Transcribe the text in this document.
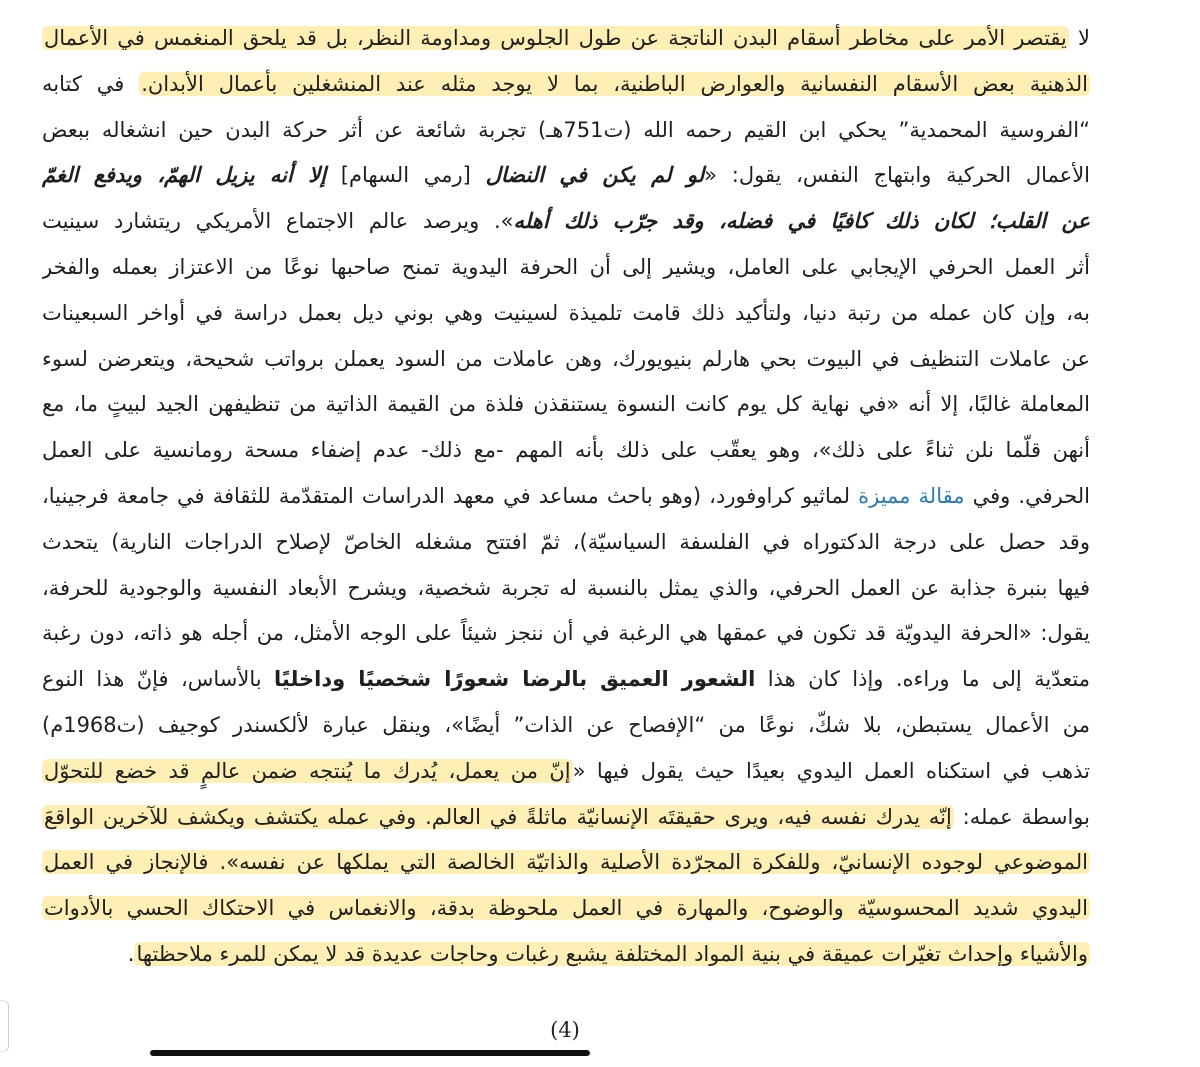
لا يقتصر الأمر على مخاطر أسقام البدن الناتجة عن طول الجلوس ومداومة النظر، بل قد يلحق المنغمس في الأعمال
الذهنية بعض الأسقام النفسانية والعوارض الباطنية، بما لا يوجد مثله عند المنشغلين بأعمال الأبدان. في كتابه
“الفروسية المحمدية” يحكي ابن القيم رحمه الله (ت751هـ) تجربة شائعة عن أثر حركة البدن حين انشغاله ببعض
الأعمال الحركية وابتهاج النفس، يقول: «لو لم يكن في النضال [رمي السهام] إلا أنه يزيل الهمّ، ويدفع الغمّ
عن القلب؛ لكان ذلك كافيًا في فضله، وقد جرّب ذلك أهله». ويرصد عالم الاجتماع الأمريكي ريتشارد سينيت
أثر العمل الحرفي الإيجابي على العامل، ويشير إلى أن الحرفة اليدوية تمنح صاحبها نوعًا من الاعتزاز بعمله والفخر
به، وإن كان عمله من رتبة دنيا، ولتأكيد ذلك قامت تلميذة لسينيت وهي بوني ديل بعمل دراسة في أواخر السبعينات
عن عاملات التنظيف في البيوت بحي هارلم بنيويورك، وهن عاملات من السود يعملن برواتب شحيحة، ويتعرضن لسوء
المعاملة غالبًا، إلا أنه «في نهاية كل يوم كانت النسوة يستنقذن فلذة من القيمة الذاتية من تنظيفهن الجيد لبيتٍ ما، مع
أنهن قلّما نلن ثناءً على ذلك»، وهو يعقّب على ذلك بأنه المهم -مع ذلك- عدم إضفاء مسحة رومانسية على العمل
الحرفي. وفي مقالة مميزة لماثيو كراوفورد، (وهو باحث مساعد في معهد الدراسات المتقدّمة للثقافة في جامعة فرجينيا،
وقد حصل على درجة الدكتوراه في الفلسفة السياسيّة)، ثمّ افتتح مشغله الخاصّ لإصلاح الدراجات النارية) يتحدث
فيها بنبرة جذابة عن العمل الحرفي، والذي يمثل بالنسبة له تجربة شخصية، ويشرح الأبعاد النفسية والوجودية للحرفة،
يقول: «الحرفة اليدويّة قد تكون في عمقها هي الرغبة في أن ننجز شيئاً على الوجه الأمثل، من أجله هو ذاته، دون رغبة
متعدّية إلى ما وراءه. وإذا كان هذا الشعور العميق بالرضا شعورًا شخصيًا وداخليًا بالأساس، فإنّ هذا النوع
من الأعمال يستبطن، بلا شكّ، نوعًا من “الإفصاح عن الذات” أيضًا»، وينقل عبارة لألكسندر كوجيف (ت1968م)
تذهب في استكناه العمل اليدوي بعيدًا حيث يقول فيها «إنّ من يعمل، يُدرك ما يُنتجه ضمن عالمٍ قد خضع للتحوّل
بواسطة عمله: إنّه يدرك نفسه فيه، ويرى حقيقتَه الإنسانيّة ماثلةً في العالم. وفي عمله يكتشف ويكشف للآخرين الواقعَ
الموضوعي لوجوده الإنسانيّ، وللفكرة المجرّدة الأصلية والذاتيّة الخالصة التي يملكها عن نفسه». فالإنجاز في العمل
اليدوي شديد المحسوسيّة والوضوح، والمهارة في العمل ملحوظة بدقة، والانغماس في الاحتكاك الحسي بالأدوات
والأشياء وإحداث تغيّرات عميقة في بنية المواد المختلفة يشبع رغبات وحاجات عديدة قد لا يمكن للمرء ملاحظتها.
(4)
